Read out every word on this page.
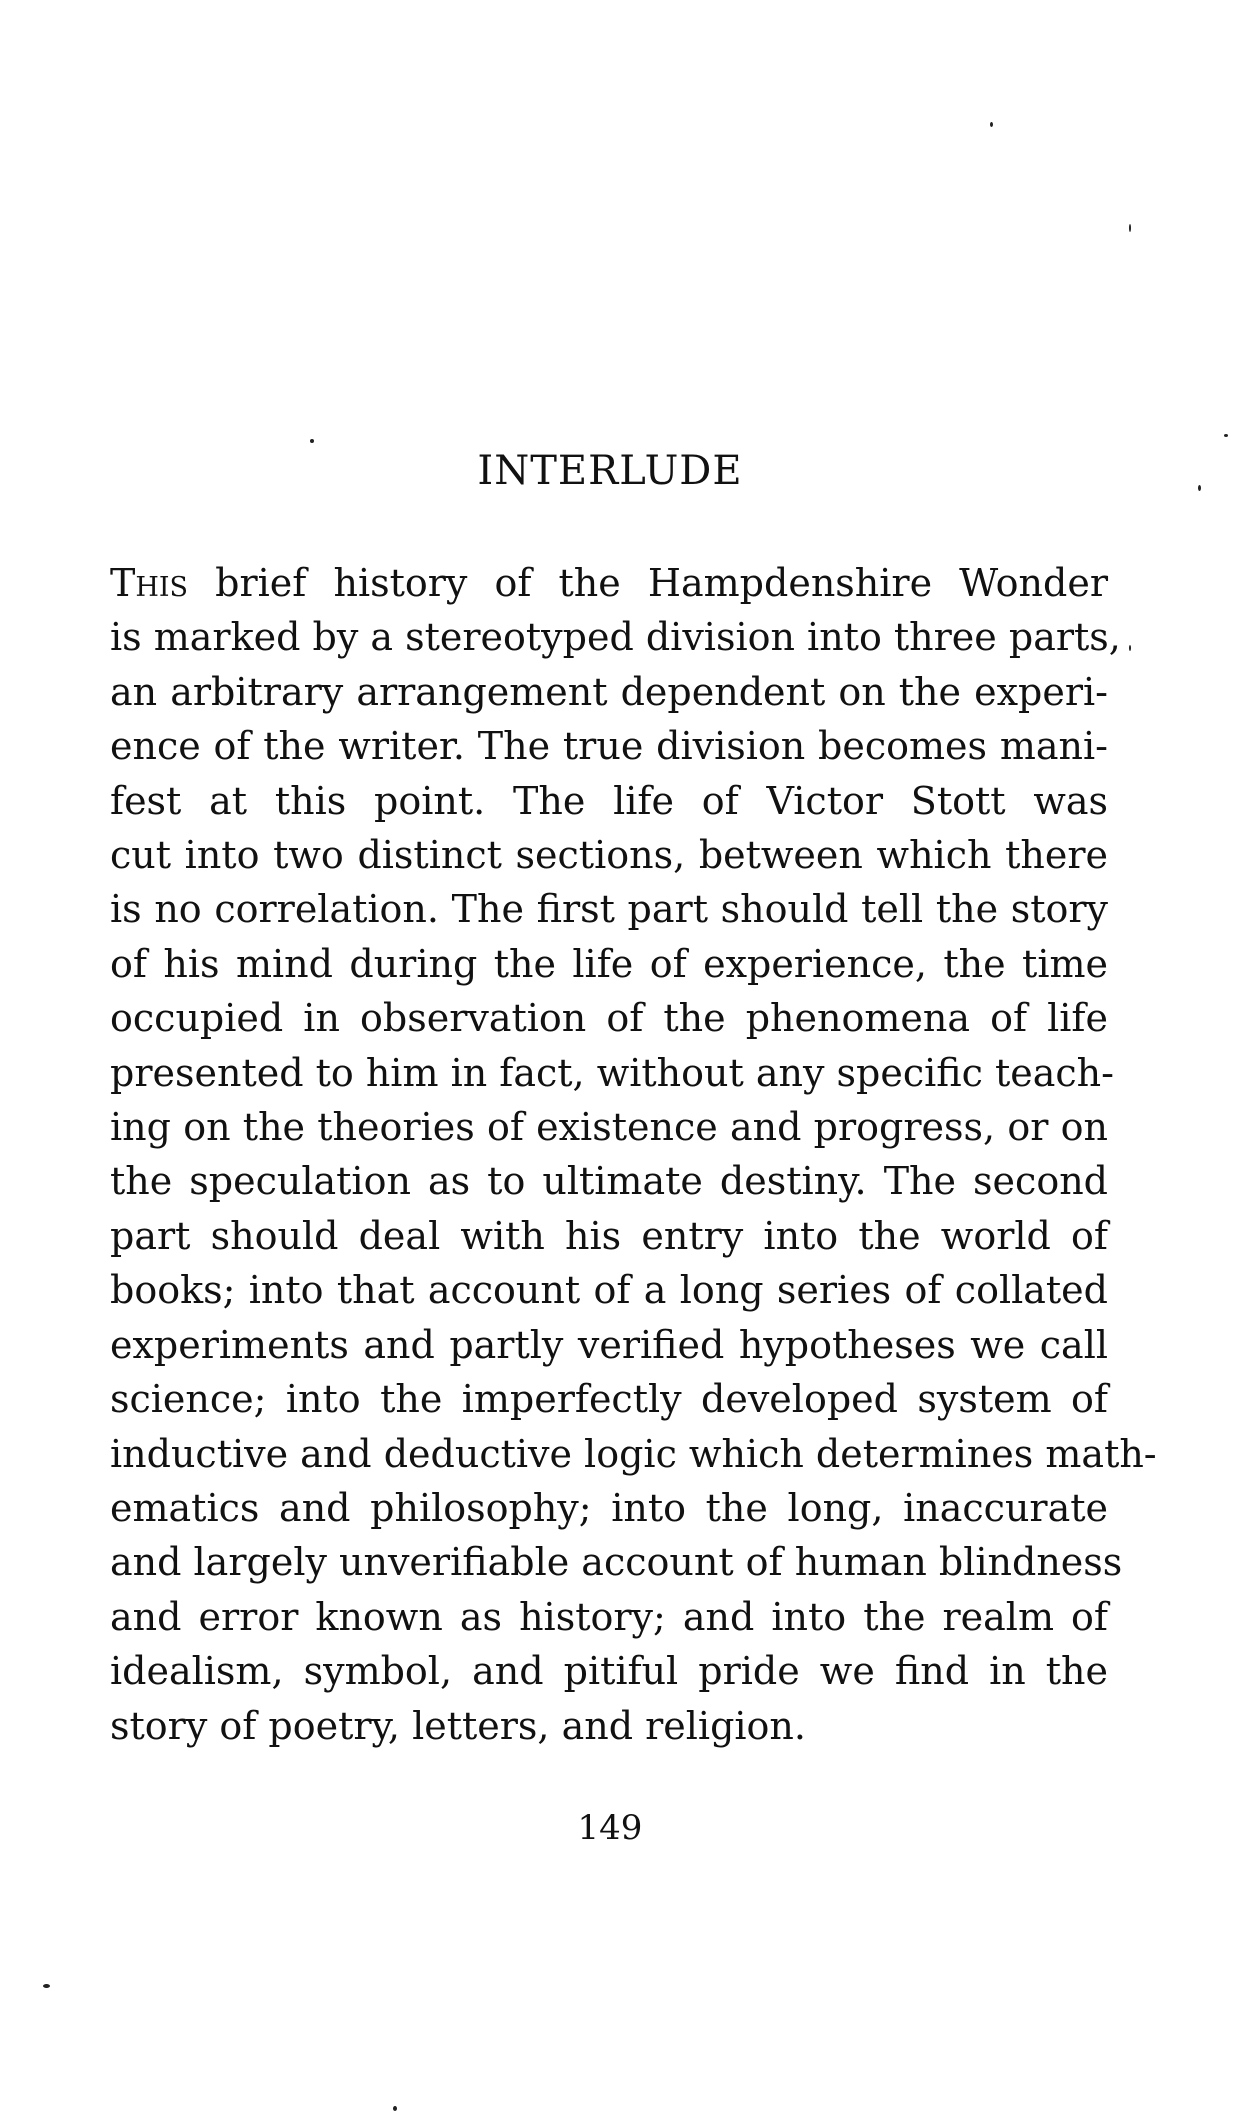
INTERLUDE
This brief history of the Hampdenshire Wonder
is marked by a stereotyped division into three parts,
an arbitrary arrangement dependent on the experi-
ence of the writer. The true division becomes mani-
fest at this point. The life of Victor Stott was
cut into two distinct sections, between which there
is no correlation. The first part should tell the story
of his mind during the life of experience, the time
occupied in observation of the phenomena of life
presented to him in fact, without any specific teach-
ing on the theories of existence and progress, or on
the speculation as to ultimate destiny. The second
part should deal with his entry into the world of
books; into that account of a long series of collated
experiments and partly verified hypotheses we call
science; into the imperfectly developed system of
inductive and deductive logic which determines math-
ematics and philosophy; into the long, inaccurate
and largely unverifiable account of human blindness
and error known as history; and into the realm of
idealism, symbol, and pitiful pride we find in the
story of poetry, letters, and religion.
149
